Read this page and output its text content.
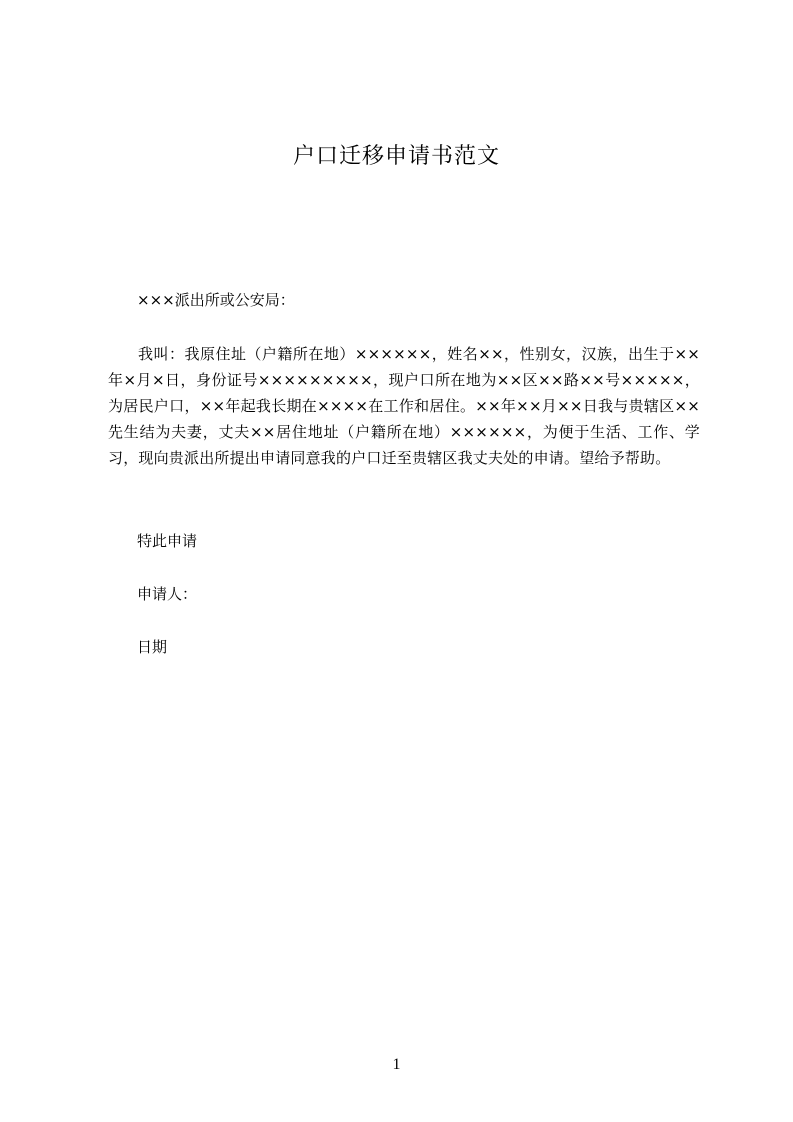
户口迁移申请书范文
×××派出所或公安局：
我叫：我原住址（户籍所在地）××××××，姓名××，性别女，汉族，出生于××年×月×日，身份证号×××××××××，现户口所在地为××区××路××号×××××，为居民户口，××年起我长期在××××在工作和居住。××年××月××日我与贵辖区××先生结为夫妻，丈夫××居住地址（户籍所在地）××××××，为便于生活、工作、学习，现向贵派出所提出申请同意我的户口迁至贵辖区我丈夫处的申请。望给予帮助。
特此申请
申请人：
日期
1
